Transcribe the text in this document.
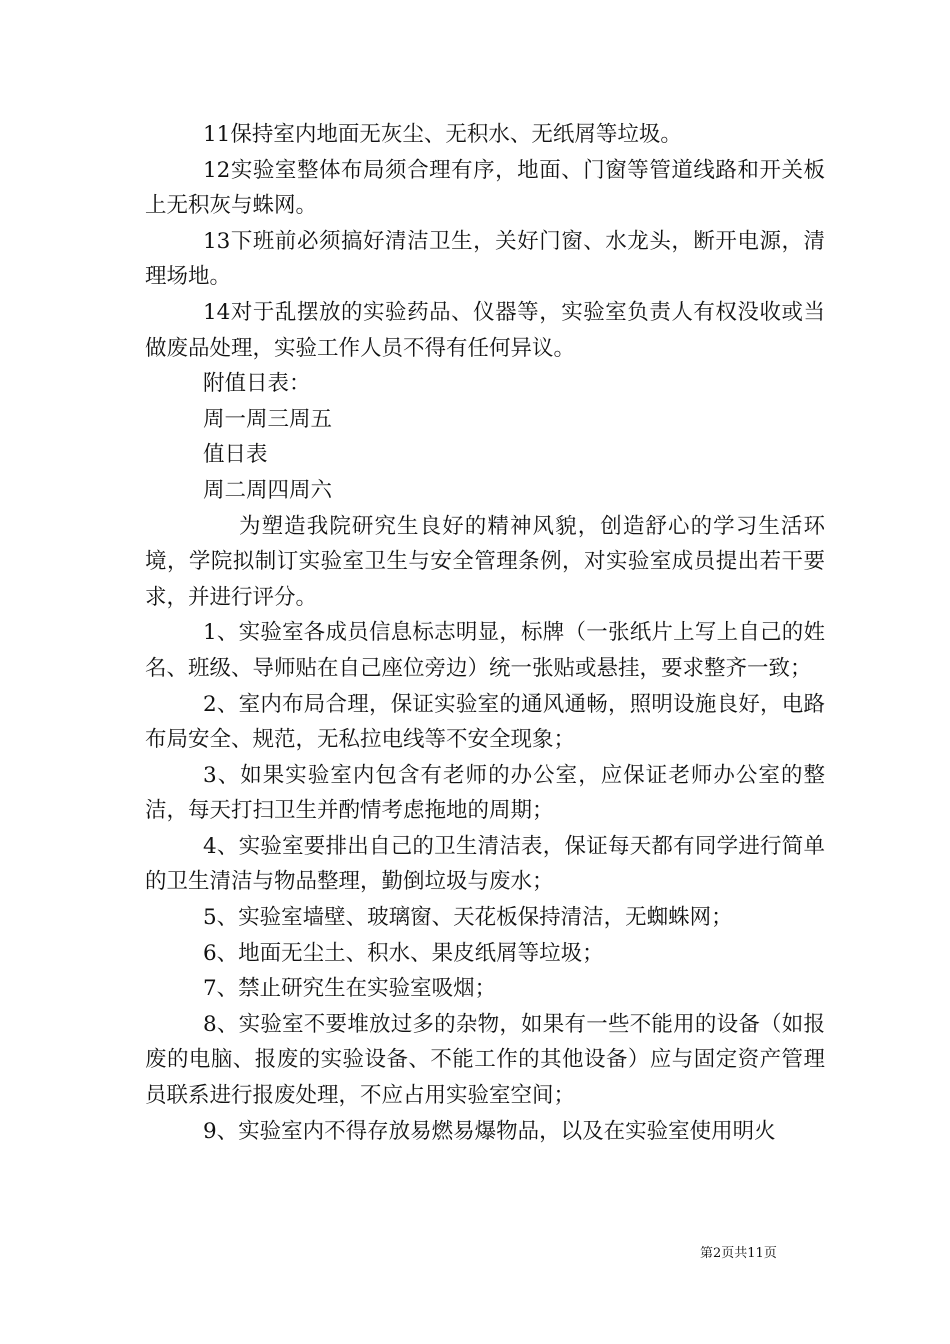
11保持室内地面无灰尘、无积水、无纸屑等垃圾。

12实验室整体布局须合理有序，地面、门窗等管道线路和开关板上无积灰与蛛网。

13下班前必须搞好清洁卫生，关好门窗、水龙头，断开电源，清理场地。

14对于乱摆放的实验药品、仪器等，实验室负责人有权没收或当做废品处理，实验工作人员不得有任何异议。

附值日表：

周一周三周五

值日表

周二周四周六

为塑造我院研究生良好的精神风貌，创造舒心的学习生活环境，学院拟制订实验室卫生与安全管理条例，对实验室成员提出若干要求，并进行评分。

1、实验室各成员信息标志明显，标牌（一张纸片上写上自己的姓名、班级、导师贴在自己座位旁边）统一张贴或悬挂，要求整齐一致；

2、室内布局合理，保证实验室的通风通畅，照明设施良好，电路布局安全、规范，无私拉电线等不安全现象；

3、如果实验室内包含有老师的办公室，应保证老师办公室的整洁，每天打扫卫生并酌情考虑拖地的周期；

4、实验室要排出自己的卫生清洁表，保证每天都有同学进行简单的卫生清洁与物品整理，勤倒垃圾与废水；

5、实验室墙壁、玻璃窗、天花板保持清洁，无蜘蛛网；

6、地面无尘土、积水、果皮纸屑等垃圾；

7、禁止研究生在实验室吸烟；

8、实验室不要堆放过多的杂物，如果有一些不能用的设备（如报废的电脑、报废的实验设备、不能工作的其他设备）应与固定资产管理员联系进行报废处理，不应占用实验室空间；

9、实验室内不得存放易燃易爆物品，以及在实验室使用明火

第2页共11页
